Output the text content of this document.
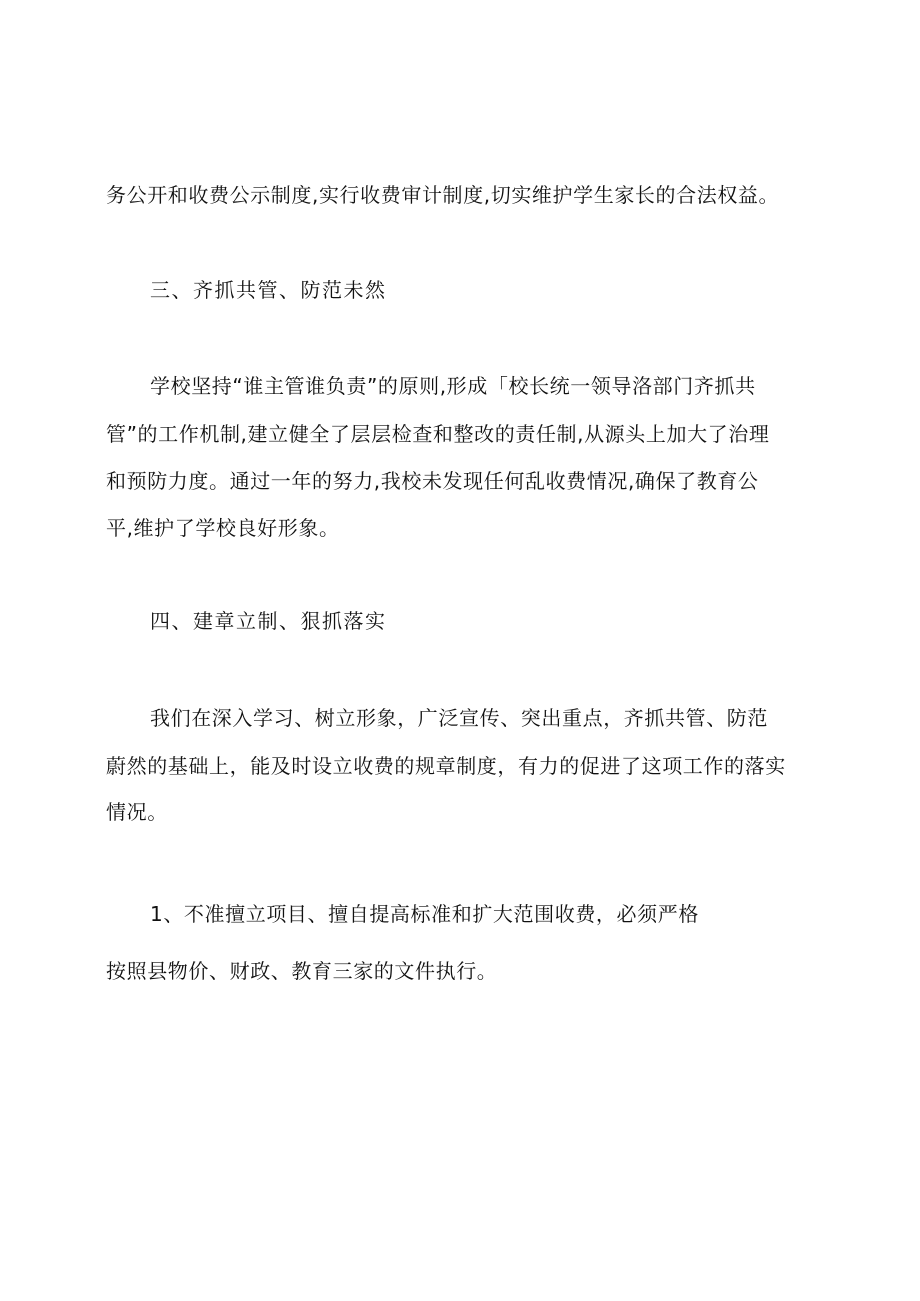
务公开和收费公示制度,实行收费审计制度,切实维护学生家长的合法权益。
三、齐抓共管、防范未然
学校坚持“谁主管谁负责”的原则,形成「校长统一领导洛部门齐抓共
管”的工作机制,建立健全了层层检查和整改的责任制,从源头上加大了治理
和预防力度。通过一年的努力,我校未发现任何乱收费情况,确保了教育公
平,维护了学校良好形象。
四、建章立制、狠抓落实
我们在深入学习、树立形象，广泛宣传、突出重点，齐抓共管、防范
蔚然的基础上，能及时设立收费的规章制度，有力的促进了这项工作的落实
情况。
1、不准擅立项目、擅自提高标准和扩大范围收费，必须严格
按照县物价、财政、教育三家的文件执行。
